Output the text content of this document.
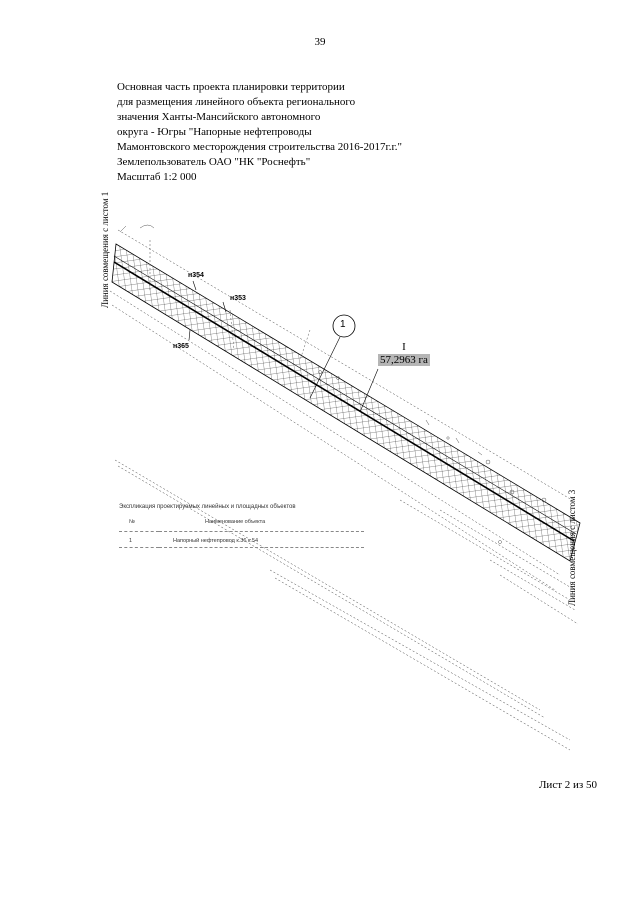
39
Основная часть проекта планировки территории
для размещения линейного объекта регионального
значения Ханты-Мансийского автономного
округа - Югры "Напорные нефтепроводы
Мамонтовского месторождения строительства 2016-2017г.г."
Землепользователь ОАО "НК "Роснефть"
Масштаб 1:2 000
1
н354
н353
н365	I
57,2963 га
Линия совмещения с листом 1
Линия совмещения с листом 3
Экспликация проектируемых линейных и площадных объектов
№	Наименование объекта
1	Напорный нефтепровод к.36 к.54
Лист 2 из 50
